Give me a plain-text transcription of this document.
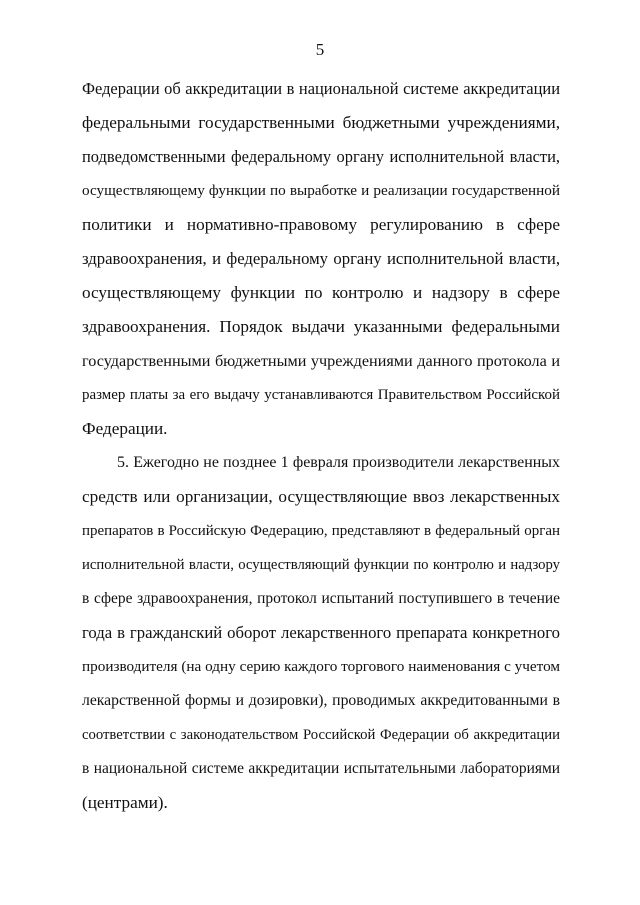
5
Федерации об аккредитации в национальной системе аккредитации
федеральными государственными бюджетными учреждениями,
подведомственными федеральному органу исполнительной власти,
осуществляющему функции по выработке и реализации государственной
политики и нормативно-правовому регулированию в сфере
здравоохранения, и федеральному органу исполнительной власти,
осуществляющему функции по контролю и надзору в сфере
здравоохранения. Порядок выдачи указанными федеральными
государственными бюджетными учреждениями данного протокола и
размер платы за его выдачу устанавливаются Правительством Российской
Федерации.
5. Ежегодно не позднее 1 февраля производители лекарственных
средств или организации, осуществляющие ввоз лекарственных
препаратов в Российскую Федерацию, представляют в федеральный орган
исполнительной власти, осуществляющий функции по контролю и надзору
в сфере здравоохранения, протокол испытаний поступившего в течение
года в гражданский оборот лекарственного препарата конкретного
производителя (на одну серию каждого торгового наименования с учетом
лекарственной формы и дозировки), проводимых аккредитованными в
соответствии с законодательством Российской Федерации об аккредитации
в национальной системе аккредитации испытательными лабораториями
(центрами).
